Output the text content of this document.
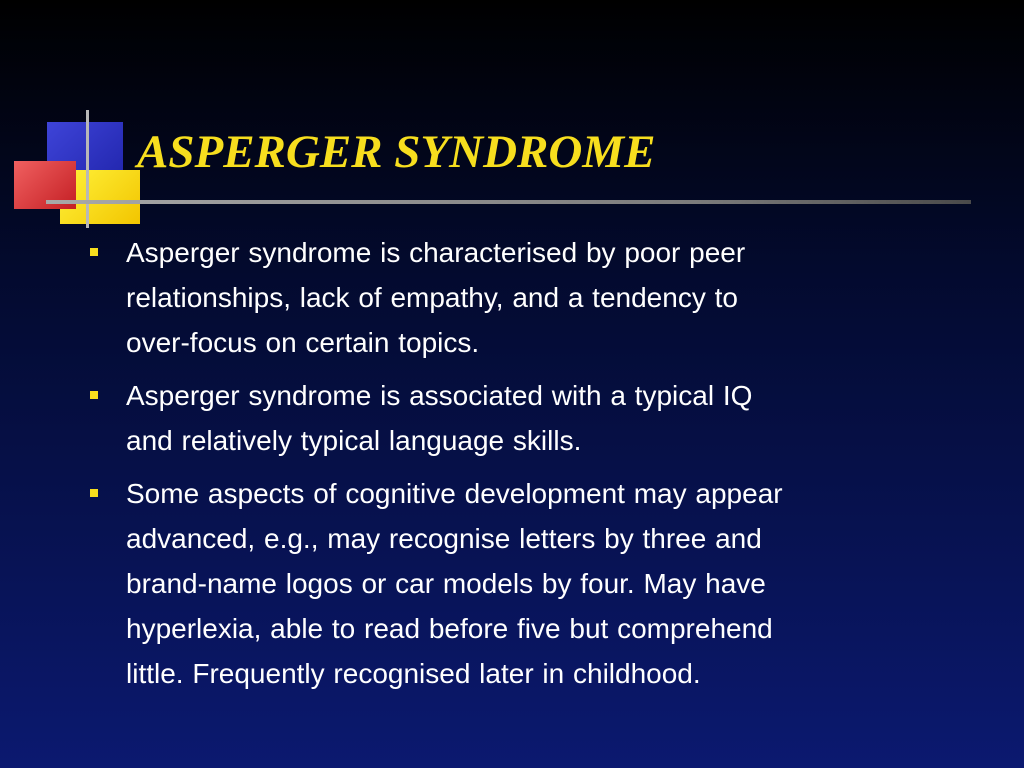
ASPERGER SYNDROME
Asperger syndrome is characterised by poor peer
relationships, lack of empathy, and a tendency to
over-focus on certain topics.
Asperger syndrome is associated with a typical IQ
and relatively typical language skills.
Some aspects of cognitive development may appear
advanced, e.g., may recognise letters by three and
brand-name logos or car models by four. May have
hyperlexia, able to read before five but comprehend
little. Frequently recognised later in childhood.
